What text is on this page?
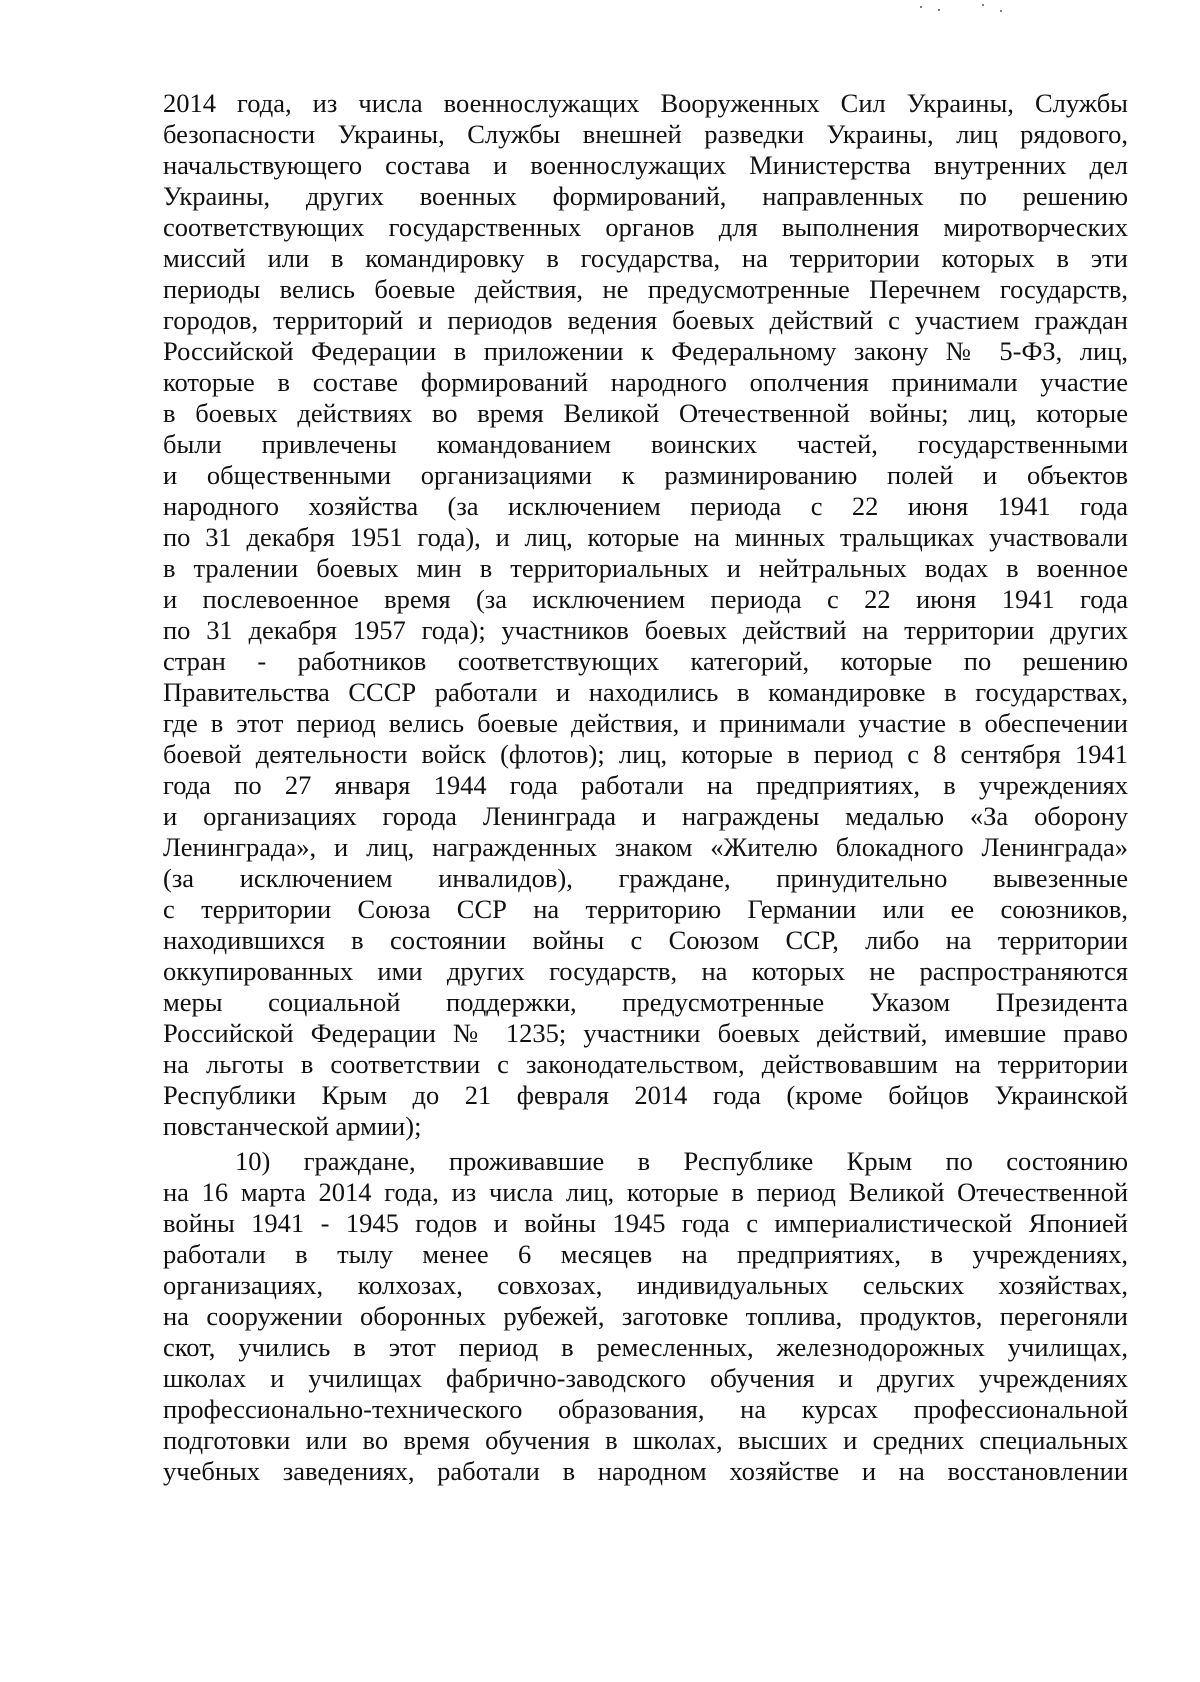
2014 года, из числа военнослужащих Вооруженных Сил Украины, Службы
безопасности Украины, Службы внешней разведки Украины, лиц рядового,
начальствующего состава и военнослужащих Министерства внутренних дел
Украины, других военных формирований, направленных по решению
соответствующих государственных органов для выполнения миротворческих
миссий или в командировку в государства, на территории которых в эти
периоды велись боевые действия, не предусмотренные Перечнем государств,
городов, территорий и периодов ведения боевых действий с участием граждан
Российской Федерации в приложении к Федеральному закону № 5-ФЗ, лиц,
которые в составе формирований народного ополчения принимали участие
в боевых действиях во время Великой Отечественной войны; лиц, которые
были привлечены командованием воинских частей, государственными
и общественными организациями к разминированию полей и объектов
народного хозяйства (за исключением периода с 22 июня 1941 года
по 31 декабря 1951 года), и лиц, которые на минных тральщиках участвовали
в тралении боевых мин в территориальных и нейтральных водах в военное
и послевоенное время (за исключением периода с 22 июня 1941 года
по 31 декабря 1957 года); участников боевых действий на территории других
стран - работников соответствующих категорий, которые по решению
Правительства СССР работали и находились в командировке в государствах,
где в этот период велись боевые действия, и принимали участие в обеспечении
боевой деятельности войск (флотов); лиц, которые в период с 8 сентября 1941
года по 27 января 1944 года работали на предприятиях, в учреждениях
и организациях города Ленинграда и награждены медалью «За оборону
Ленинграда», и лиц, награжденных знаком «Жителю блокадного Ленинграда»
(за исключением инвалидов), граждане, принудительно вывезенные
с территории Союза ССР на территорию Германии или ее союзников,
находившихся в состоянии войны с Союзом ССР, либо на территории
оккупированных ими других государств, на которых не распространяются
меры социальной поддержки, предусмотренные Указом Президента
Российской Федерации № 1235; участники боевых действий, имевшие право
на льготы в соответствии с законодательством, действовавшим на территории
Республики Крым до 21 февраля 2014 года (кроме бойцов Украинской
повстанческой армии);
10) граждане, проживавшие в Республике Крым по состоянию
на 16 марта 2014 года, из числа лиц, которые в период Великой Отечественной
войны 1941 - 1945 годов и войны 1945 года с империалистической Японией
работали в тылу менее 6 месяцев на предприятиях, в учреждениях,
организациях, колхозах, совхозах, индивидуальных сельских хозяйствах,
на сооружении оборонных рубежей, заготовке топлива, продуктов, перегоняли
скот, учились в этот период в ремесленных, железнодорожных училищах,
школах и училищах фабрично-заводского обучения и других учреждениях
профессионально-технического образования, на курсах профессиональной
подготовки или во время обучения в школах, высших и средних специальных
учебных заведениях, работали в народном хозяйстве и на восстановлении
